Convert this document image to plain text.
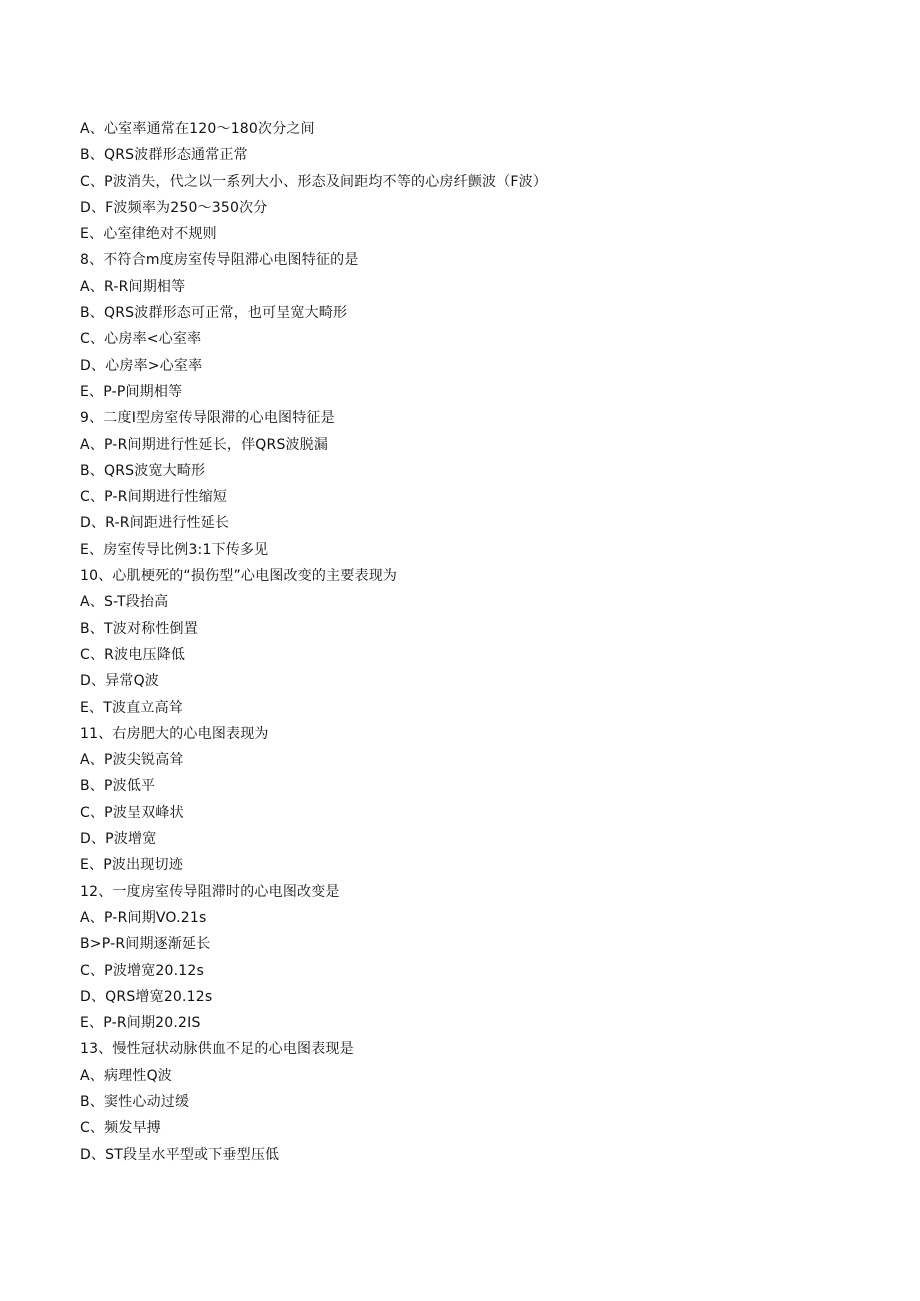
A、心室率通常在120～180次分之间
B、QRS波群形态通常正常
C、P波消失，代之以一系列大小、形态及间距均不等的心房纤颤波（F波）
D、F波频率为250～350次分
E、心室律绝对不规则
8、不符合m度房室传导阻滞心电图特征的是
A、R-R间期相等
B、QRS波群形态可正常，也可呈宽大畸形
C、心房率<心室率
D、心房率>心室率
E、P-P间期相等
9、二度I型房室传导限滞的心电图特征是
A、P-R间期进行性延长，伴QRS波脱漏
B、QRS波宽大畸形
C、P-R间期进行性缩短
D、R-R间距进行性延长
E、房室传导比例3:1下传多见
10、心肌梗死的“损伤型”心电图改变的主要表现为
A、S-T段抬高
B、T波对称性倒置
C、R波电压降低
D、异常Q波
E、T波直立高耸
11、右房肥大的心电图表现为
A、P波尖锐高耸
B、P波低平
C、P波呈双峰状
D、P波增宽
E、P波出现切迹
12、一度房室传导阻滞时的心电图改变是
A、P-R间期VO.21s
B>P-R间期逐渐延长
C、P波增宽20.12s
D、QRS增宽20.12s
E、P-R间期20.2IS
13、慢性冠状动脉供血不足的心电图表现是
A、病理性Q波
B、窦性心动过缓
C、频发早搏
D、ST段呈水平型或下垂型压低
